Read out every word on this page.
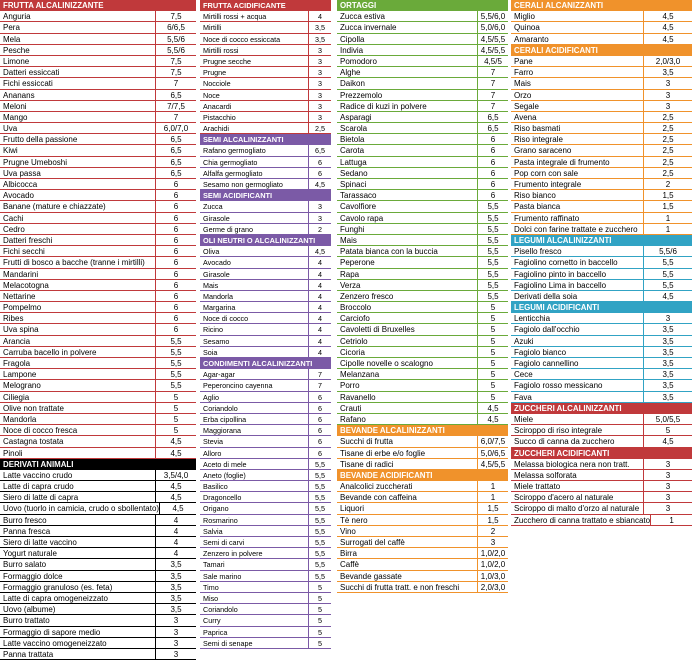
FRUTTA ALCALINIZZANTE
Anguria	7,5
Pera	6/6,5
Mela	5,5/6
Pesche	5,5/6
Limone	7,5
Datteri essiccati	7,5
Fichi essiccati	7
Ananans	6,5
Meloni	7/7,5
Mango	7
Uva	6,0/7,0
Frutto della passione	6,5
Kiwi	6,5
Prugne Umeboshi	6,5
Uva passa	6,5
Albicocca	6
Avocado	6
Banane (mature e chiazzate)	6
Cachi	6
Cedro	6
Datteri freschi	6
Fichi secchi	6
Frutti di bosco a bacche (tranne i mirtilli)	6
Mandarini	6
Melacotogna	6
Nettarine	6
Pompelmo	6
Ribes	6
Uva spina	6
Arancia	5,5
Carruba bacello in polvere	5,5
Fragola	5,5
Lampone	5,5
Melograno	5,5
Ciliegia	5
Olive non trattate	5
Mandorla	5
Noce di cocco fresca	5
Castagna tostata	4,5
Pinoli	4,5
DERIVATI ANIMALI
Latte vaccino crudo	3,5/4,0
Latte di capra crudo	4,5
Siero di latte di capra	4,5
Uovo (tuorlo in camicia, crudo o sbollentato)	4,5
Burro fresco	4
Panna fresca	4
Siero di latte vaccino	4
Yogurt naturale	4
Burro salato	3,5
Formaggio dolce	3,5
Formaggio granuloso (es. feta)	3,5
Latte di capra omogeneizzato	3,5
Uovo (albume)	3,5
Burro trattato	3
Formaggio di sapore medio	3
Latte vaccino omogeneizzato	3
Panna trattata	3
FRUTTA ACIDIFICANTE
Mirtilli rossi + acqua	4
Mirtilli	3,5
Noce di cocco essiccata	3,5
Mirtilli rossi	3
Prugne secche	3
Prugne	3
Nocciole	3
Noce	3
Anacardi	3
Pistacchio	3
Arachidi	2,5
SEMI ALCALINIZZANTI
Rafano germogliato	6,5
Chia germogliato	6
Alfalfa germogliato	6
Sesamo non germogliato	4,5
SEMI ACIDIFICANTI
Zucca	3
Girasole	3
Germe di grano	2
OLI NEUTRI O ALCALINIZZANTI
Oliva	4,5
Avocado	4
Girasole	4
Mais	4
Mandorla	4
Margarina	4
Noce di cocco	4
Ricino	4
Sesamo	4
Soia	4
CONDIMENTI ALCALINIZZANTI
Agar-agar	7
Peperoncino cayenna	7
Aglio	6
Coriandolo	6
Erba cipollina	6
Maggiorana	6
Stevia	6
Alloro	6
Aceto di mele	5,5
Aneto (foglie)	5,5
Basilico	5,5
Dragoncello	5,5
Origano	5,5
Rosmarino	5,5
Salvia	5,5
Semi di carvi	5,5
Zenzero in polvere	5,5
Tamari	5,5
Sale marino	5,5
Timo	5
Miso	5
Coriandolo	5
Curry	5
Paprica	5
Semi di senape	5
ORTAGGI
Zucca estiva	5,5/6,0
Zucca invernale	5,0/6,0
Cipolla	4,5/5,5
Indivia	4,5/5,5
Pomodoro	4,5/5
Alghe	7
Daikon	7
Prezzemolo	7
Radice di kuzi in polvere	7
Asparagi	6,5
Scarola	6,5
Bietola	6
Carota	6
Lattuga	6
Sedano	6
Spinaci	6
Tarassaco	6
Cavolfiore	5,5
Cavolo rapa	5,5
Funghi	5,5
Mais	5,5
Patata bianca con la buccia	5,5
Peperone	5,5
Rapa	5,5
Verza	5,5
Zenzero fresco	5,5
Broccolo	5
Carciofo	5
Cavoletti di Bruxelles	5
Cetriolo	5
Cicoria	5
Cipolle novelle o scalogno	5
Melanzana	5
Porro	5
Ravanello	5
Crauti	4,5
Rafano	4,5
BEVANDE ALCALINIZZANTI
Succhi di frutta	6,0/7,5
Tisane di erbe e/o foglie	5,0/6,5
Tisane di radici	4,5/5,5
BEVANDE ACIDIFICANTI
Analcolici zuccherati	1
Bevande con caffeina	1
Liquori	1,5
Tè nero	1,5
Vino	2
Surrogati del caffè	3
Birra	1,0/2,0
Caffè	1,0/2,0
Bevande gassate	1,0/3,0
Succhi di frutta tratt. e non freschi	2,0/3,0
CERALI ALCANIZZANTI
Miglio	4,5
Quinoa	4,5
Amaranto	4,5
CERALI ACIDIFICANTI
Pane	2,0/3,0
Farro	3,5
Mais	3
Orzo	3
Segale	3
Avena	2,5
Riso basmati	2,5
Riso integrale	2,5
Grano saraceno	2,5
Pasta integrale di frumento	2,5
Pop corn con sale	2,5
Frumento integrale	2
Riso bianco	1,5
Pasta bianca	1,5
Frumento raffinato	1
Dolci con farine trattate e zucchero	1
LEGUMI ALCALINIZZANTI
Pisello fresco	5,5/6
Fagiolino cornetto in baccello	5,5
Fagiolino pinto in baccello	5,5
Fagiolino Lima in baccello	5,5
Derivati della soia	4,5
LEGUMI ACIDIFICANTI
Lenticchia	3
Fagiolo dall'occhio	3,5
Azuki	3,5
Fagiolo bianco	3,5
Fagiolo cannellino	3,5
Cece	3,5
Fagiolo rosso messicano	3,5
Fava	3,5
ZUCCHERI ALCALINIZZANTI
Miele	5,0/5,5
Sciroppo di riso integrale	5
Succo di canna da zucchero	4,5
ZUCCHERI ACIDIFICANTI
Melassa biologica nera non tratt.	3
Melassa solforata	3
Miele trattato	3
Sciroppo d'acero al naturale	3
Sciroppo di malto d'orzo al naturale	3
Zucchero di canna trattato e sbiancato	1
